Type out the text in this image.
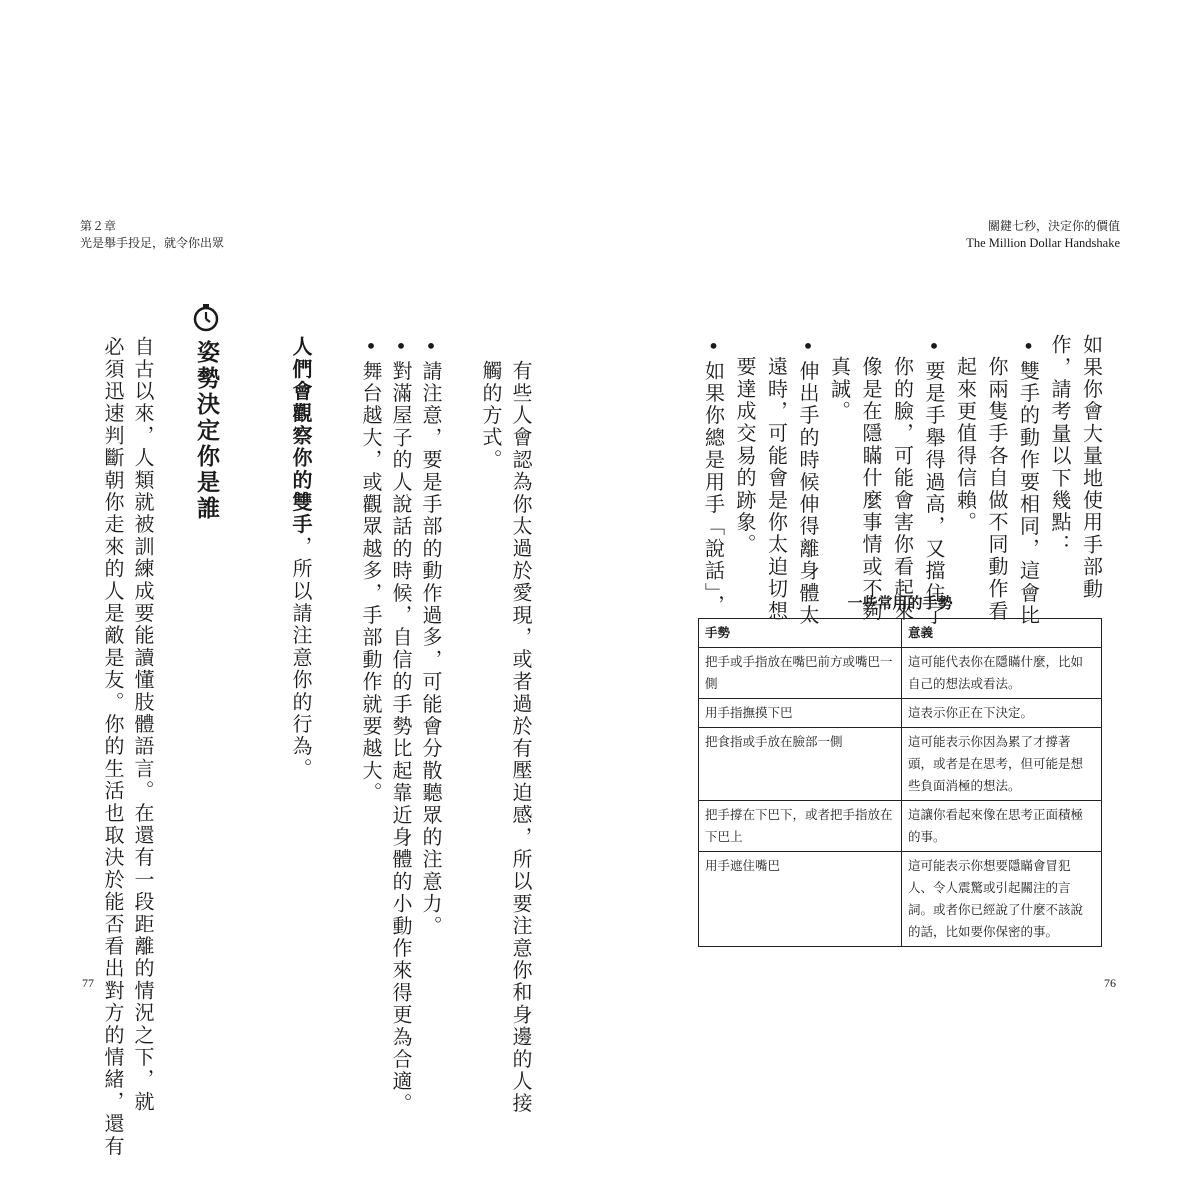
第２章
光是舉手投足，就令你出眾
有些人會認為你太過於愛現，或者過於有壓迫感，所以要注意你和身邊的人接
觸的方式。
•請注意，要是手部的動作過多，可能會分散聽眾的注意力。
•對滿屋子的人說話的時候，自信的手勢比起靠近身體的小動作來得更為合適。
•舞台越大，或觀眾越多，手部動作就要越大。
人們會觀察你的雙手，所以請注意你的行為。
姿勢決定你是誰
自古以來，人類就被訓練成要能讀懂肢體語言。在還有一段距離的情況之下，就
必須迅速判斷朝你走來的人是敵是友。你的生活也取決於能否看出對方的情緒，還有
77
關鍵七秒，決定你的價值
The Million Dollar Handshake
如果你會大量地使用手部動
作，請考量以下幾點：
•雙手的動作要相同，這會比
你兩隻手各自做不同動作看
起來更值得信賴。
•要是手舉得過高，又擋住了
你的臉，可能會害你看起來
像是在隱瞞什麼事情或不夠
真誠。
•伸出手的時候伸得離身體太
遠時，可能會是你太迫切想
要達成交易的跡象。
•如果你總是用手「說話」，	一些常用的手勢
手勢	意義
把手或手指放在嘴巴前方或嘴巴一側	這可能代表你在隱瞞什麼，比如自己的想法或看法。
用手指撫摸下巴	這表示你正在下決定。
把食指或手放在臉部一側	這可能表示你因為累了才撐著頭，或者是在思考，但可能是想些負面消極的想法。
把手撐在下巴下，或者把手指放在下巴上	這讓你看起來像在思考正面積極的事。
用手遮住嘴巴	這可能表示你想要隱瞞會冒犯人、令人震驚或引起關注的言詞。或者你已經說了什麼不該說的話，比如要你保密的事。
76
